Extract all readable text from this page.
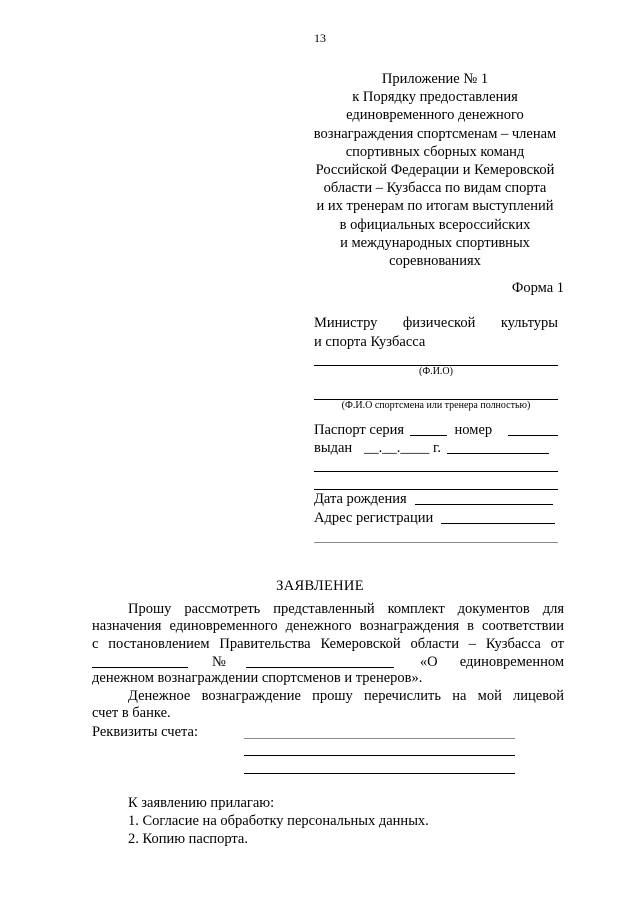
13
Приложение № 1
к Порядку предоставления
единовременного денежного
вознаграждения спортсменам – членам
спортивных сборных команд
Российской Федерации и Кемеровской
области – Кузбасса по видам спорта
и их тренерам по итогам выступлений
в официальных всероссийских
и международных спортивных
соревнованиях
Форма 1
Министру физической культуры
и спорта Кузбасса
(Ф.И.О)
(Ф.И.О спортсмена или тренера полностью)
Паспорт серия	номер
выдан __.__.____ г.
Дата рождения
Адрес регистрации
ЗАЯВЛЕНИЕ
Прошу рассмотреть представленный комплект документов для
назначения единовременного денежного вознаграждения в соответствии
с постановлением Правительства Кемеровской области – Кузбасса от
№	«О единовременном
денежном вознаграждении спортсменов и тренеров».
Денежное вознаграждение прошу перечислить на мой лицевой
счет в банке.
Реквизиты счета:
К заявлению прилагаю:
1. Согласие на обработку персональных данных.
2. Копию паспорта.
